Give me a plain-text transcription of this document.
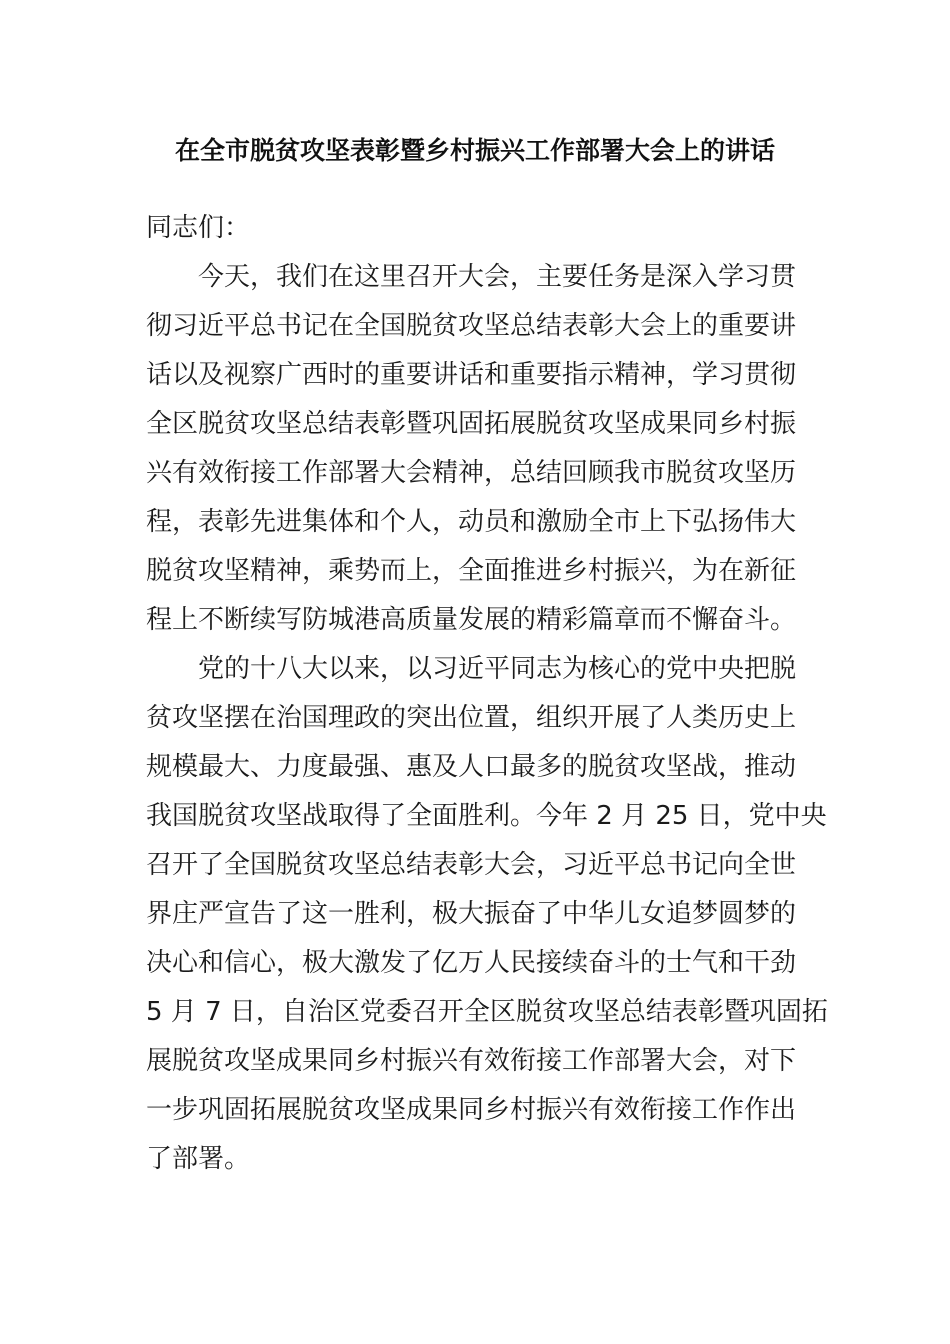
在全市脱贫攻坚表彰暨乡村振兴工作部署大会上的讲话
同志们：
　　今天，我们在这里召开大会，主要任务是深入学习贯
彻习近平总书记在全国脱贫攻坚总结表彰大会上的重要讲
话以及视察广西时的重要讲话和重要指示精神，学习贯彻
全区脱贫攻坚总结表彰暨巩固拓展脱贫攻坚成果同乡村振
兴有效衔接工作部署大会精神，总结回顾我市脱贫攻坚历
程，表彰先进集体和个人，动员和激励全市上下弘扬伟大
脱贫攻坚精神，乘势而上，全面推进乡村振兴，为在新征
程上不断续写防城港高质量发展的精彩篇章而不懈奋斗。
　　党的十八大以来，以习近平同志为核心的党中央把脱
贫攻坚摆在治国理政的突出位置，组织开展了人类历史上
规模最大、力度最强、惠及人口最多的脱贫攻坚战，推动
我国脱贫攻坚战取得了全面胜利。今年 2 月 25 日，党中央
召开了全国脱贫攻坚总结表彰大会，习近平总书记向全世
界庄严宣告了这一胜利，极大振奋了中华儿女追梦圆梦的
决心和信心，极大激发了亿万人民接续奋斗的士气和干劲
5 月 7 日，自治区党委召开全区脱贫攻坚总结表彰暨巩固拓
展脱贫攻坚成果同乡村振兴有效衔接工作部署大会，对下
一步巩固拓展脱贫攻坚成果同乡村振兴有效衔接工作作出
了部署。
